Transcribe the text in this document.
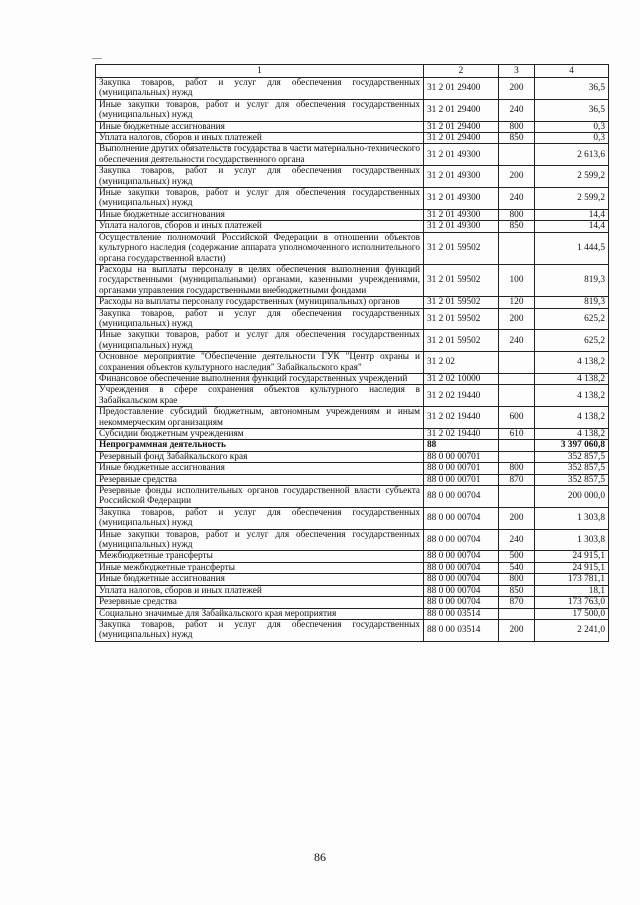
1	2	3	4
Закупка товаров, работ и услуг для обеспечения государственных (муниципальных) нужд	31 2 01 29400	200	36,5
Иные закупки товаров, работ и услуг для обеспечения государственных (муниципальных) нужд	31 2 01 29400	240	36,5
Иные бюджетные ассигнования	31 2 01 29400	800	0,3
Уплата налогов, сборов и иных платежей	31 2 01 29400	850	0,3
Выполнение других обязательств государства в части материально-технического обеспечения деятельности государственного органа	31 2 01 49300		2 613,6
Закупка товаров, работ и услуг для обеспечения государственных (муниципальных) нужд	31 2 01 49300	200	2 599,2
Иные закупки товаров, работ и услуг для обеспечения государственных (муниципальных) нужд	31 2 01 49300	240	2 599,2
Иные бюджетные ассигнования	31 2 01 49300	800	14,4
Уплата налогов, сборов и иных платежей	31 2 01 49300	850	14,4
Осуществление полномочий Российской Федерации в отношении объектов культурного наследия (содержание аппарата уполномоченного исполнительного органа государственной власти)	31 2 01 59502		1 444,5
Расходы на выплаты персоналу в целях обеспечения выполнения функций государственными (муниципальными) органами, казенными учреждениями, органами управления государственными внебюджетными фондами	31 2 01 59502	100	819,3
Расходы на выплаты персоналу государственных (муниципальных) органов	31 2 01 59502	120	819,3
Закупка товаров, работ и услуг для обеспечения государственных (муниципальных) нужд	31 2 01 59502	200	625,2
Иные закупки товаров, работ и услуг для обеспечения государственных (муниципальных) нужд	31 2 01 59502	240	625,2
Основное мероприятие "Обеспечение деятельности ГУК "Центр охраны и сохранения объектов культурного наследия" Забайкальского края"	31 2 02		4 138,2
Финансовое обеспечение выполнения функций государственных учреждений	31 2 02 10000		4 138,2
Учреждения в сфере сохранения объектов культурного наследия в Забайкальском крае	31 2 02 19440		4 138,2
Предоставление субсидий бюджетным, автономным учреждениям и иным некоммерческим организациям	31 2 02 19440	600	4 138,2
Субсидии бюджетным учреждениям	31 2 02 19440	610	4 138,2
Непрограммная деятельность	88		3 397 060,8
Резервный фонд Забайкальского края	88 0 00 00701		352 857,5
Иные бюджетные ассигнования	88 0 00 00701	800	352 857,5
Резервные средства	88 0 00 00701	870	352 857,5
Резервные фонды исполнительных органов государственной власти субъекта Российской Федерации	88 0 00 00704		200 000,0
Закупка товаров, работ и услуг для обеспечения государственных (муниципальных) нужд	88 0 00 00704	200	1 303,8
Иные закупки товаров, работ и услуг для обеспечения государственных (муниципальных) нужд	88 0 00 00704	240	1 303,8
Межбюджетные трансферты	88 0 00 00704	500	24 915,1
Иные межбюджетные трансферты	88 0 00 00704	540	24 915,1
Иные бюджетные ассигнования	88 0 00 00704	800	173 781,1
Уплата налогов, сборов и иных платежей	88 0 00 00704	850	18,1
Резервные средства	88 0 00 00704	870	173 763,0
Социально значимые для Забайкальского края мероприятия	88 0 00 03514		17 500,0
Закупка товаров, работ и услуг для обеспечения государственных (муниципальных) нужд	88 0 00 03514	200	2 241,0
86
